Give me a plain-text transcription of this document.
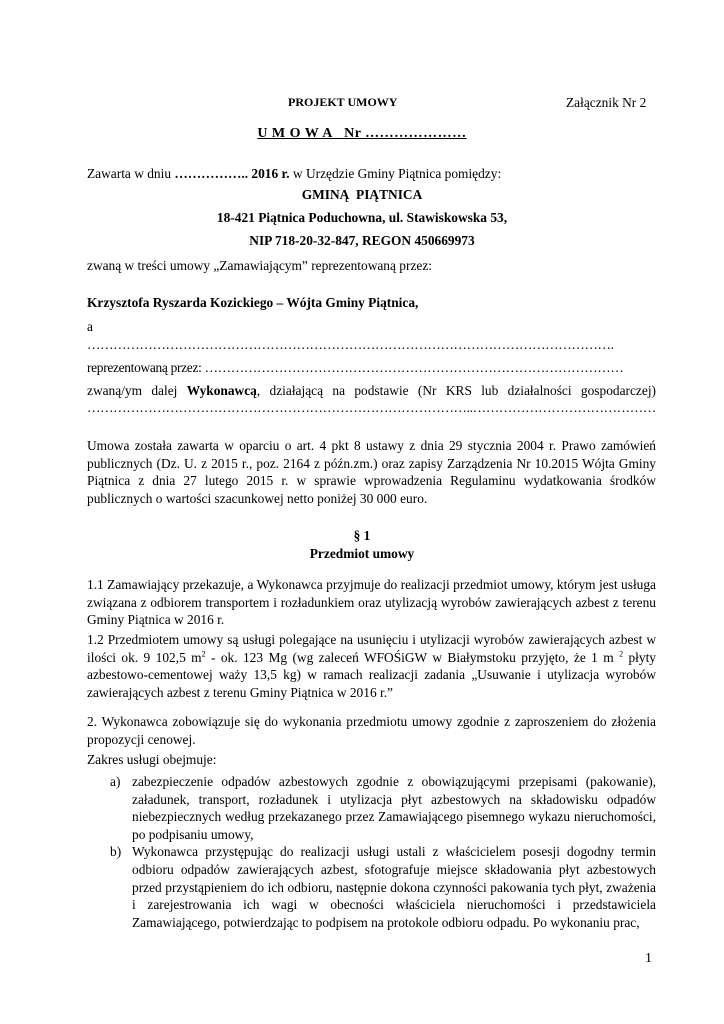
PROJEKT UMOWY	Załącznik Nr 2
U M O W A   Nr …………………
Zawarta w dniu …………….. 2016 r. w Urzędzie Gminy Piątnica pomiędzy:
GMINĄ  PIĄTNICA
18-421 Piątnica Poduchowna, ul. Stawiskowska 53,
NIP 718-20-32-847, REGON 450669973
zwaną w treści umowy „Zamawiającym” reprezentowaną przez:
Krzysztofa Ryszarda Kozickiego – Wójta Gminy Piątnica,
a
………………………………………………………………………………………………………….
reprezentowaną przez: ……………………………………………………………………………………
zwaną/ym dalej Wykonawcą, działającą na podstawie (Nr KRS lub działalności gospodarczej)
……………………………………………………………………………..……………………………………
Umowa została zawarta w oparciu o art. 4 pkt 8 ustawy z dnia 29 stycznia 2004 r. Prawo zamówień publicznych (Dz. U. z 2015 r., poz. 2164 z późn.zm.) oraz zapisy Zarządzenia Nr 10.2015 Wójta Gminy Piątnica z dnia 27 lutego 2015 r. w sprawie wprowadzenia Regulaminu wydatkowania środków publicznych o wartości szacunkowej netto poniżej 30 000 euro.
§ 1
Przedmiot umowy
1.1 Zamawiający przekazuje, a Wykonawca przyjmuje do realizacji przedmiot umowy, którym jest usługa związana z odbiorem transportem i rozładunkiem oraz utylizacją wyrobów zawierających azbest z terenu Gminy Piątnica w 2016 r.
1.2 Przedmiotem umowy są usługi polegające na usunięciu i utylizacji wyrobów zawierających azbest w ilości ok. 9 102,5 $m^2$ - ok. 123 Mg (wg zaleceń WFOŚiGW w Białymstoku przyjęto, że 1 m $^2$ płyty azbestowo-cementowej waży 13,5 kg) w ramach realizacji zadania „Usuwanie i utylizacja wyrobów zawierających azbest z terenu Gminy Piątnica w 2016 r.”
2. Wykonawca zobowiązuje się do wykonania przedmiotu umowy zgodnie z zaproszeniem do złożenia propozycji cenowej.
Zakres usługi obejmuje:
a) zabezpieczenie odpadów azbestowych zgodnie z obowiązującymi przepisami (pakowanie), załadunek, transport, rozładunek i utylizacja płyt azbestowych na składowisku odpadów niebezpiecznych według przekazanego przez Zamawiającego pisemnego wykazu nieruchomości, po podpisaniu umowy,
b) Wykonawca przystępując do realizacji usługi ustali z właścicielem posesji dogodny termin odbioru odpadów zawierających azbest, sfotografuje miejsce składowania płyt azbestowych przed przystąpieniem do ich odbioru, następnie dokona czynności pakowania tych płyt, zważenia i zarejestrowania ich wagi w obecności właściciela nieruchomości i przedstawiciela Zamawiającego, potwierdzając to podpisem na protokole odbioru odpadu. Po wykonaniu prac,
1
